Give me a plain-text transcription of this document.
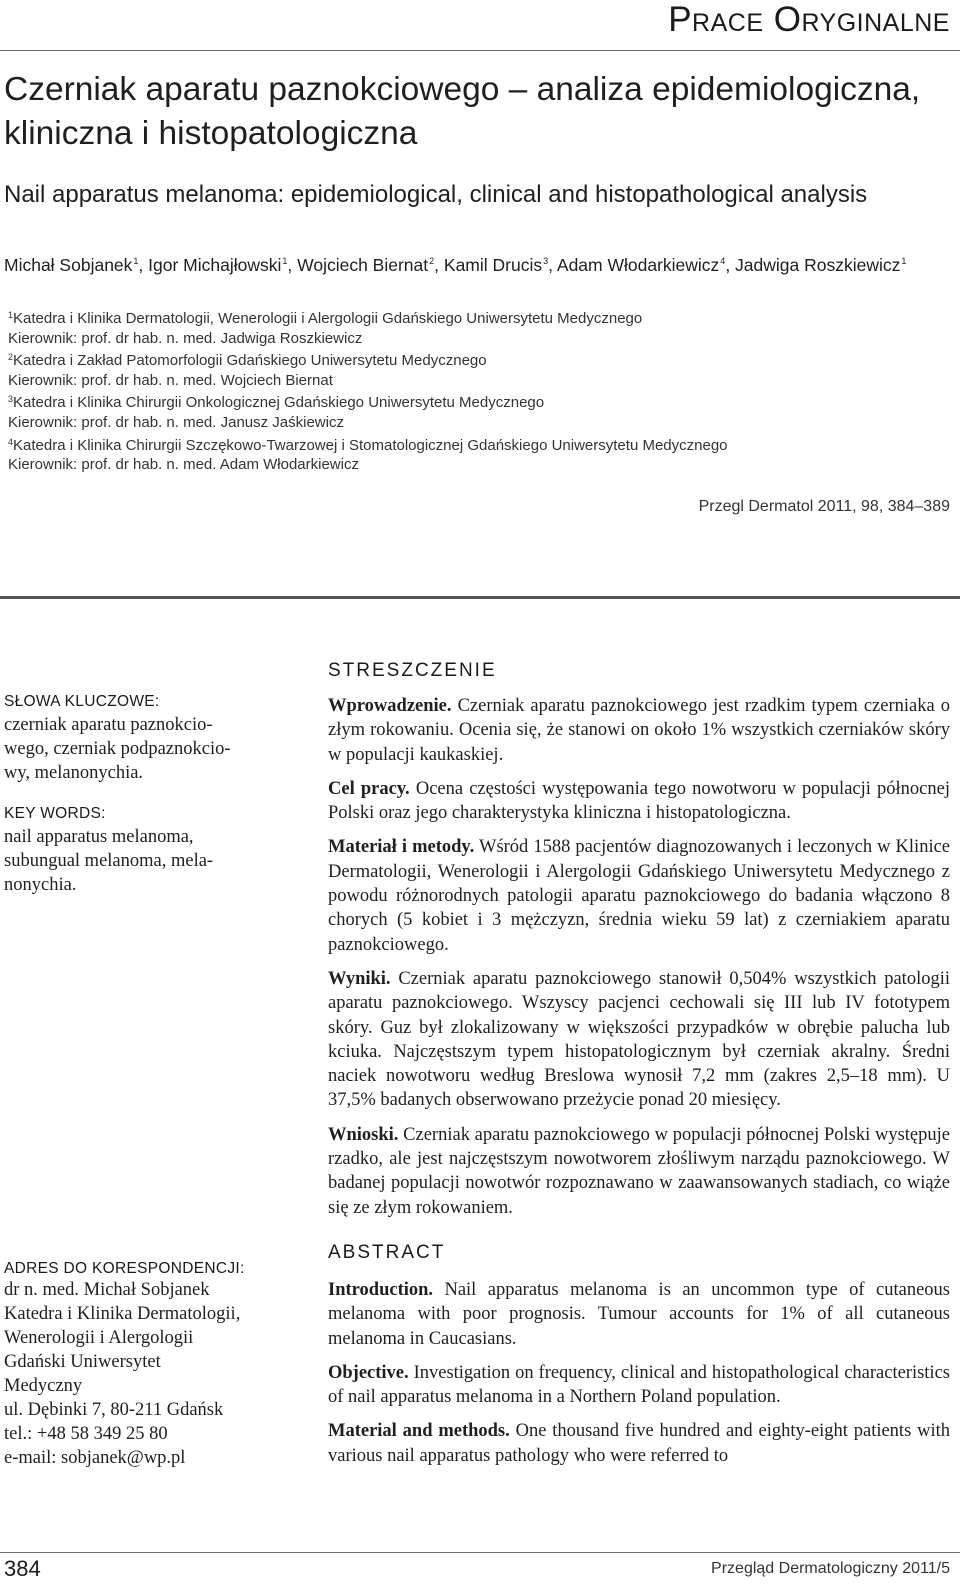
Prace Oryginalne
Czerniak aparatu paznokciowego – analiza epidemiologiczna, kliniczna i histopatologiczna
Nail apparatus melanoma: epidemiological, clinical and histopathological analysis
Michał Sobjanek$^1$, Igor Michajłowski$^1$, Wojciech Biernat$^2$, Kamil Drucis$^3$, Adam Włodarkiewicz$^4$, Jadwiga Roszkiewicz$^1$
$^1$Katedra i Klinika Dermatologii, Wenerologii i Alergologii Gdańskiego Uniwersytetu Medycznego
Kierownik: prof. dr hab. n. med. Jadwiga Roszkiewicz
$^2$Katedra i Zakład Patomorfologii Gdańskiego Uniwersytetu Medycznego
Kierownik: prof. dr hab. n. med. Wojciech Biernat
$^3$Katedra i Klinika Chirurgii Onkologicznej Gdańskiego Uniwersytetu Medycznego
Kierownik: prof. dr hab. n. med. Janusz Jaśkiewicz
$^4$Katedra i Klinika Chirurgii Szczękowo-Twarzowej i Stomatologicznej Gdańskiego Uniwersytetu Medycznego
Kierownik: prof. dr hab. n. med. Adam Włodarkiewicz
Przegl Dermatol 2011, 98, 384–389
SŁOWA KLUCZOWE:
czerniak aparatu paznokcio-
wego, czerniak podpaznokcio-
wy, melanonychia.
KEY WORDS:
nail apparatus melanoma,
subungual melanoma, mela-
nonychia.
ADRES DO KORESPONDENCJI:
dr n. med. Michał Sobjanek
Katedra i Klinika Dermatologii,
Wenerologii i Alergologii
Gdański Uniwersytet
Medyczny
ul. Dębinki 7, 80-211 Gdańsk
tel.: +48 58 349 25 80
e-mail: sobjanek@wp.pl
STRESZCZENIE

Wprowadzenie. Czerniak aparatu paznokciowego jest rzadkim typem czerniaka o złym rokowaniu. Ocenia się, że stanowi on około 1% wszystkich czerniaków skóry w populacji kaukaskiej.

Cel pracy. Ocena częstości występowania tego nowotworu w populacji północnej Polski oraz jego charakterystyka kliniczna i histopatologiczna.

Materiał i metody. Wśród 1588 pacjentów diagnozowanych i leczonych w Klinice Dermatologii, Wenerologii i Alergologii Gdańskiego Uniwersytetu Medycznego z powodu różnorodnych patologii aparatu paznokciowego do badania włączono 8 chorych (5 kobiet i 3 mężczyzn, średnia wieku 59 lat) z czerniakiem aparatu paznokciowego.

Wyniki. Czerniak aparatu paznokciowego stanowił 0,504% wszystkich patologii aparatu paznokciowego. Wszyscy pacjenci cechowali się III lub IV fototypem skóry. Guz był zlokalizowany w większości przypadków w obrębie palucha lub kciuka. Najczęstszym typem histopatologicznym był czerniak akralny. Średni naciek nowotworu według Breslowa wynosił 7,2 mm (zakres 2,5–18 mm). U 37,5% badanych obserwowano przeżycie ponad 20 miesięcy.

Wnioski. Czerniak aparatu paznokciowego w populacji północnej Polski występuje rzadko, ale jest najczęstszym nowotworem złośliwym narządu paznokciowego. W badanej populacji nowotwór rozpoznawano w zaawansowanych stadiach, co wiąże się ze złym rokowaniem.

ABSTRACT

Introduction. Nail apparatus melanoma is an uncommon type of cutaneous melanoma with poor prognosis. Tumour accounts for 1% of all cutaneous melanoma in Caucasians.

Objective. Investigation on frequency, clinical and histopathological characteristics of nail apparatus melanoma in a Northern Poland population.

Material and methods. One thousand five hundred and eighty-eight patients with various nail apparatus pathology who were referred to

384	Przegląd Dermatologiczny 2011/5
